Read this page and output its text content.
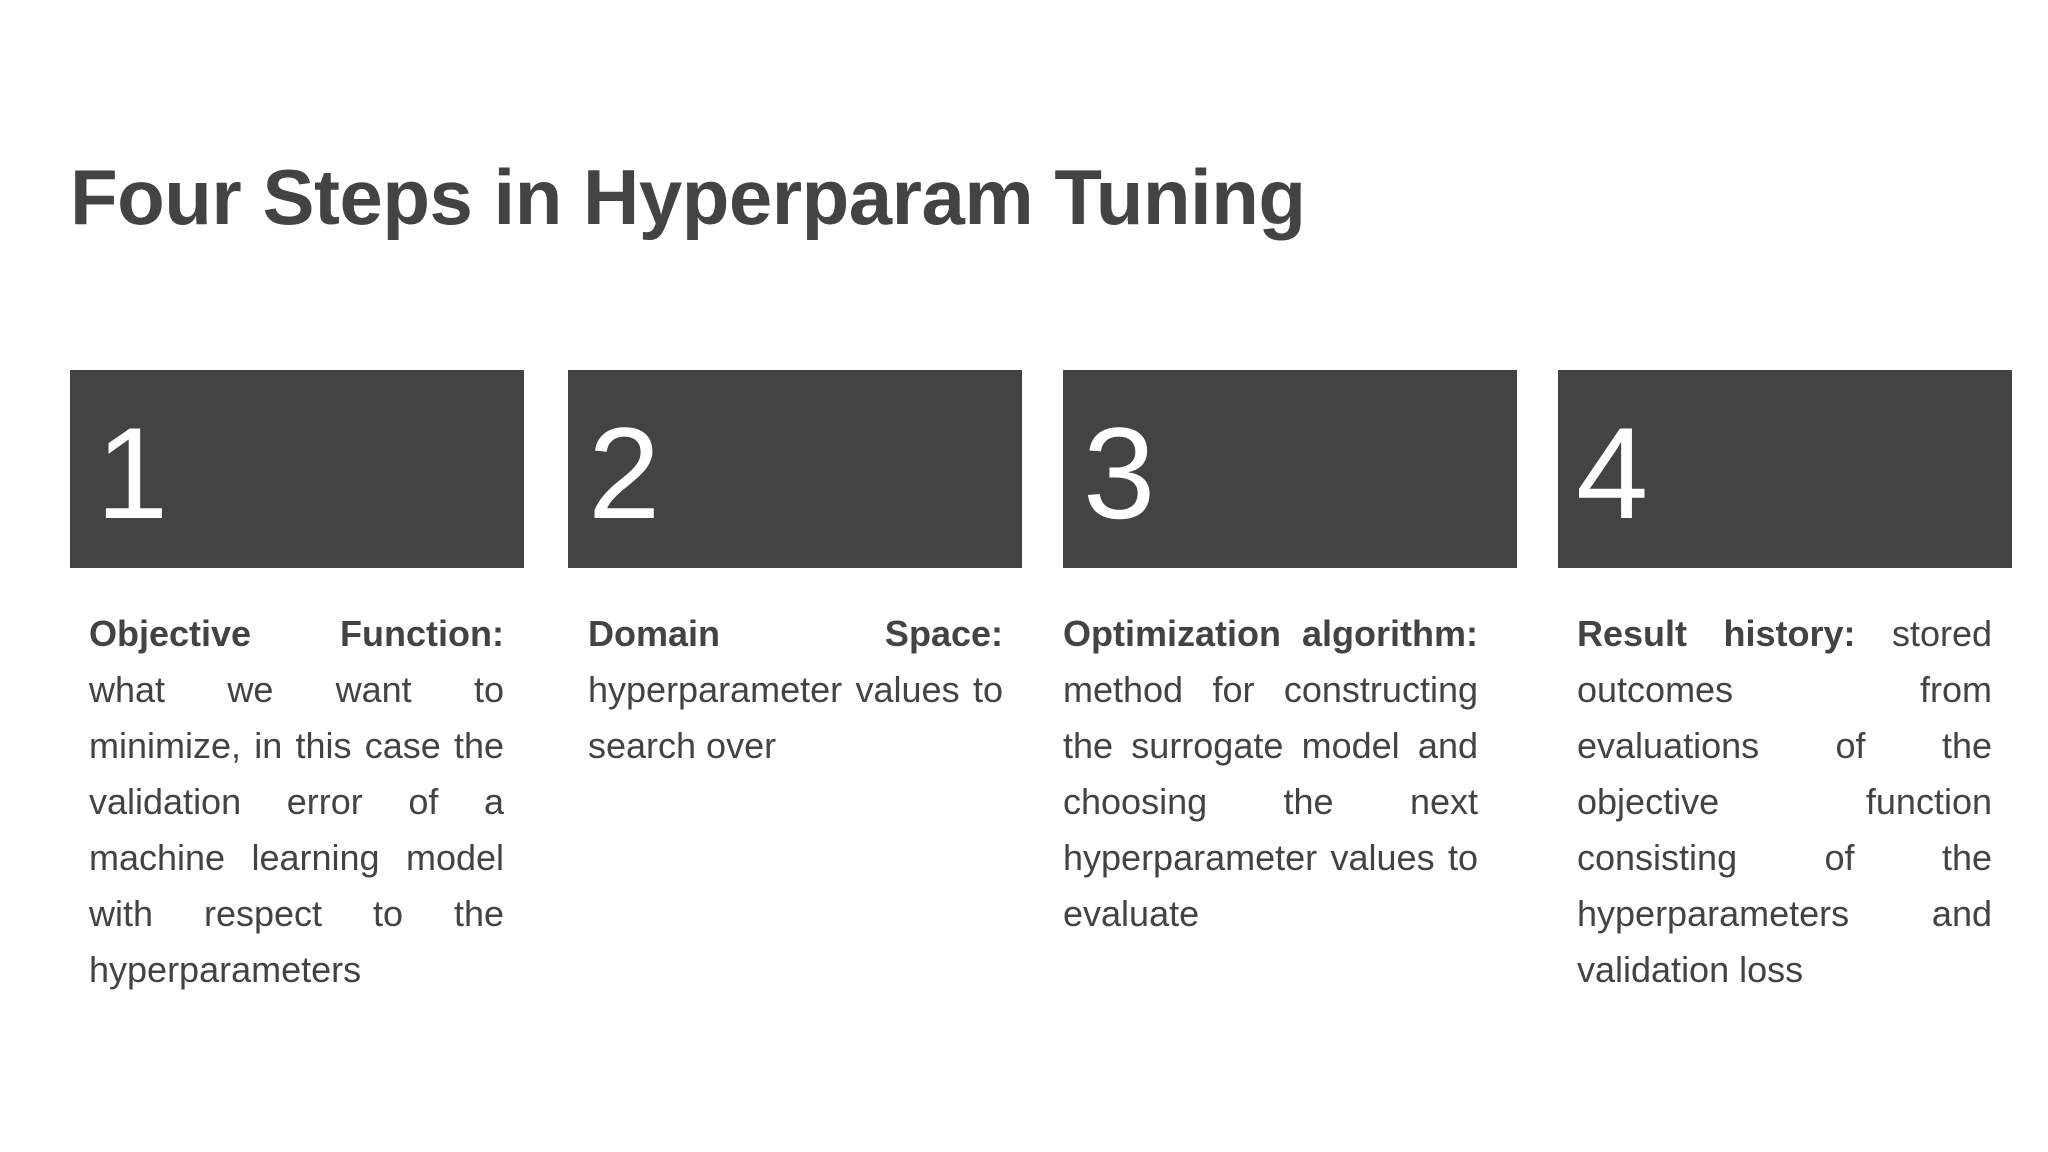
Four Steps in Hyperparam Tuning
1

Objective Function: what we want to minimize, in this case the validation error of a machine learning model with respect to the hyperparameters

2

Domain Space: hyperparameter values to search over

3

Optimization algorithm: method for constructing the surrogate model and choosing the next hyperparameter values to evaluate

4

Result history: stored outcomes from evaluations of the objective function consisting of the hyperparameters and validation loss
